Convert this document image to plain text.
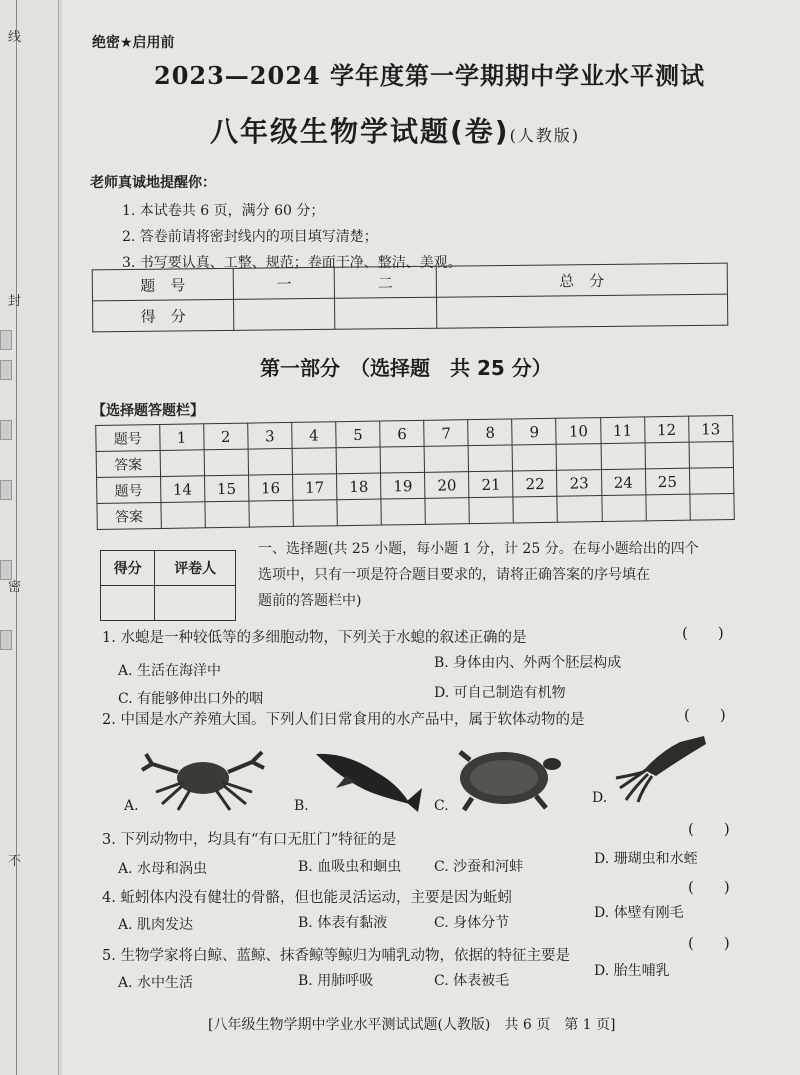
线
封
密
不
绝密★启用前
2023—2024 学年度第一学期期中学业水平测试
八年级生物学试题(卷)(人教版)
老师真诚地提醒你：
1. 本试卷共 6 页，满分 60 分；
2. 答卷前请将密封线内的项目填写清楚；
3. 书写要认真、工整、规范；卷面干净、整洁、美观。
题　号	一	二	总　分
得　分			
第一部分　（选择题　共 25 分）
【选择题答题栏】
题号	1	2	3	4	5	6	7	8	9	10	11	12	13
答案													
题号	14	15	16	17	18	19	20	21	22	23	24	25	
答案													
得分	评卷人

一、选择题(共 25 小题，每小题 1 分，计 25 分。在每小题给出的四个
选项中，只有一项是符合题目要求的，请将正确答案的序号填在
题前的答题栏中)
1. 水螅是一种较低等的多细胞动物，下列关于水螅的叙述正确的是	(　　)
A. 生活在海洋中	B. 身体由内、外两个胚层构成
C. 有能够伸出口外的咽	D. 可自己制造有机物
2. 中国是水产养殖大国。下列人们日常食用的水产品中，属于软体动物的是	(　　)
A.	B.	C.	D.
3. 下列动物中，均具有“有口无肛门”特征的是
(　　)
A. 水母和涡虫	B. 血吸虫和蛔虫 C. 沙蚕和河蚌	D. 珊瑚虫和水蛭
4. 蚯蚓体内没有健壮的骨骼，但也能灵活运动，主要是因为蚯蚓
(　　)
A. 肌肉发达	B. 体表有黏液	C. 身体分节
D. 体壁有刚毛
5. 生物学家将白鲸、蓝鲸、抹香鲸等鲸归为哺乳动物，依据的特征主要是
(　　)
A. 水中生活	B. 用肺呼吸	C. 体表被毛
D. 胎生哺乳
[八年级生物学期中学业水平测试试题(人教版)　共 6 页　第 1 页]
